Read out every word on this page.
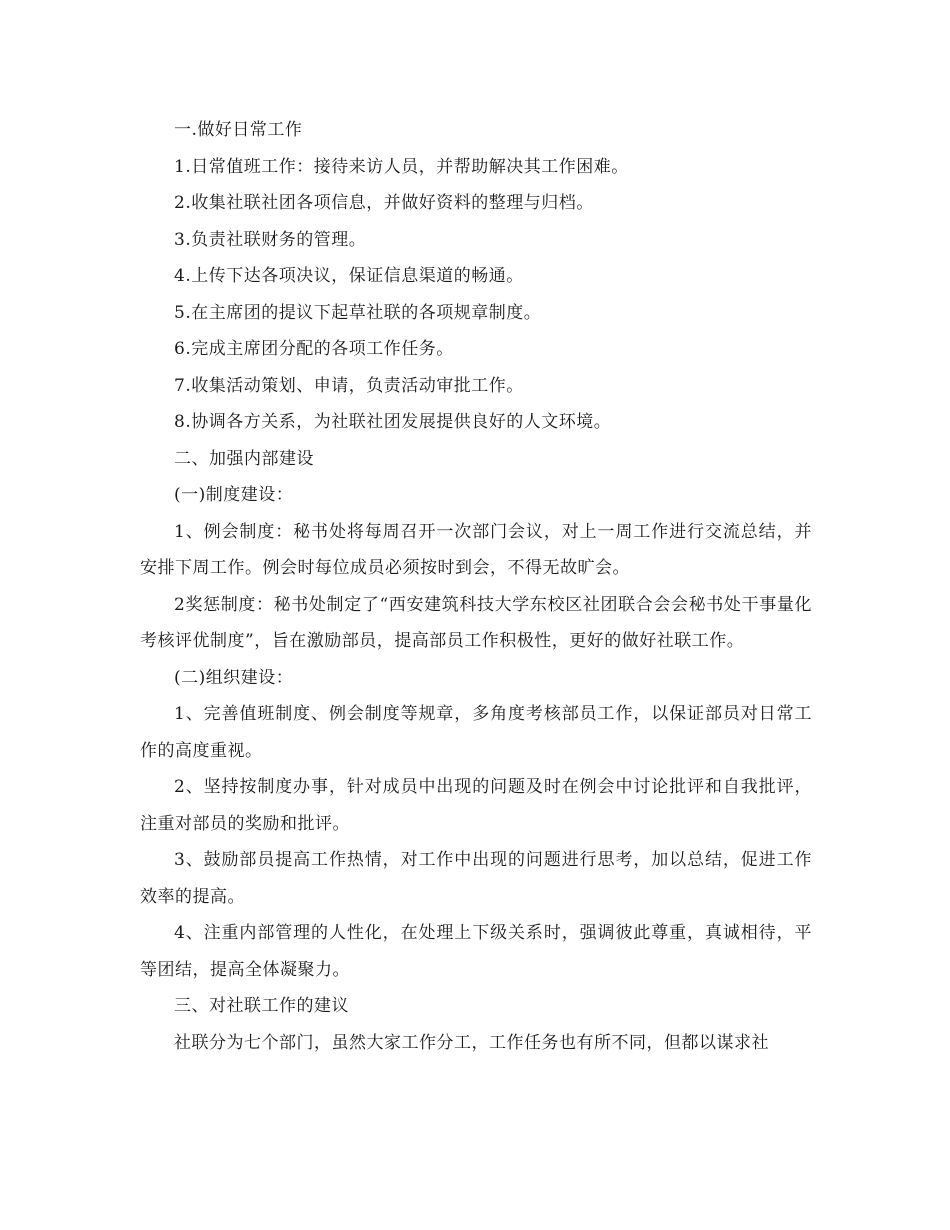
一.做好日常工作

1.日常值班工作：接待来访人员，并帮助解决其工作困难。

2.收集社联社团各项信息，并做好资料的整理与归档。

3.负责社联财务的管理。

4.上传下达各项决议，保证信息渠道的畅通。

5.在主席团的提议下起草社联的各项规章制度。

6.完成主席团分配的各项工作任务。

7.收集活动策划、申请，负责活动审批工作。

8.协调各方关系，为社联社团发展提供良好的人文环境。

二、加强内部建设

(一)制度建设：

1、例会制度：秘书处将每周召开一次部门会议，对上一周工作进行交流总结，并安排下周工作。例会时每位成员必须按时到会，不得无故旷会。

2奖惩制度：秘书处制定了“西安建筑科技大学东校区社团联合会会秘书处干事量化考核评优制度”，旨在激励部员，提高部员工作积极性，更好的做好社联工作。

(二)组织建设：

1、完善值班制度、例会制度等规章，多角度考核部员工作，以保证部员对日常工作的高度重视。

2、坚持按制度办事，针对成员中出现的问题及时在例会中讨论批评和自我批评，注重对部员的奖励和批评。

3、鼓励部员提高工作热情，对工作中出现的问题进行思考，加以总结，促进工作效率的提高。

4、注重内部管理的人性化，在处理上下级关系时，强调彼此尊重，真诚相待，平等团结，提高全体凝聚力。

三、对社联工作的建议

社联分为七个部门，虽然大家工作分工，工作任务也有所不同，但都以谋求社
